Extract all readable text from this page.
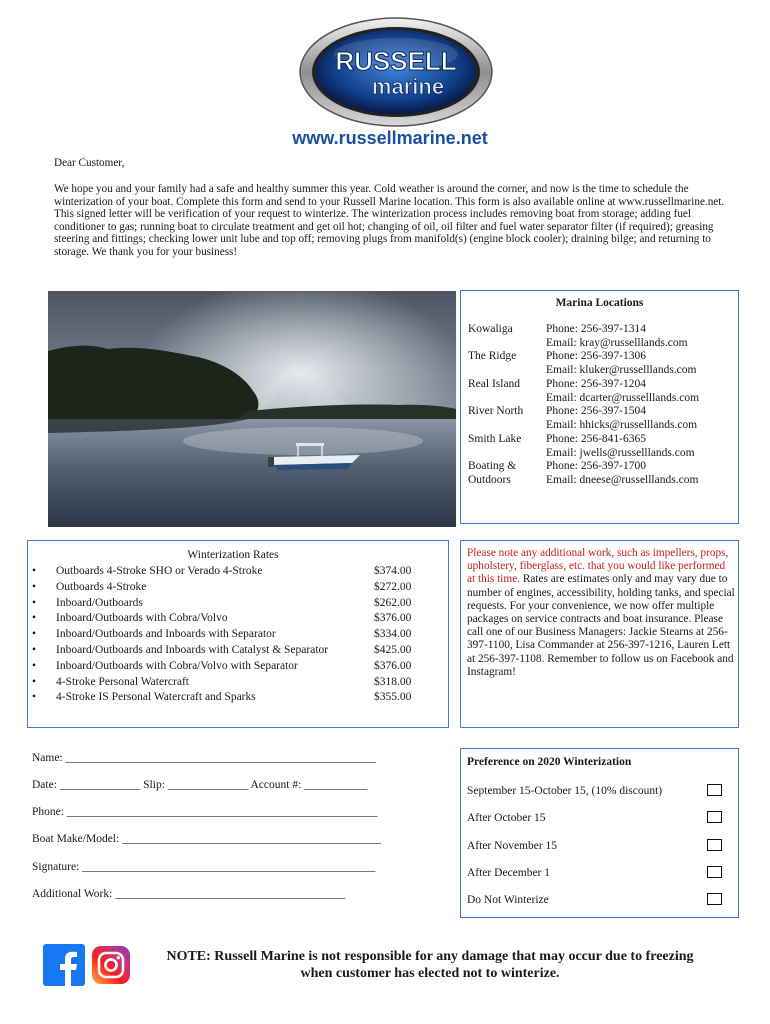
RUSSELL
marine
www.russellmarine.net
Dear Customer,
We hope you and your family had a safe and healthy summer this year. Cold weather is around the corner, and now is the time to schedule the winterization of your boat. Complete this form and send to your Russell Marine location. This form is also available online at www.russellmarine.net. This signed letter will be verification of your request to winterize. The winterization process includes removing boat from storage; adding fuel conditioner to gas; running boat to circulate treatment and get oil hot; changing of oil, oil filter and fuel water separator filter (if required); greasing steering and fittings; checking lower unit lube and top off; removing plugs from manifold(s) (engine block cooler); draining bilge; and returning to storage. We thank you for your business!
Marina Locations
Kowaliga	Phone: 256-397-1314
Email: kray@russelllands.com
The Ridge	Phone: 256-397-1306
Email: kluker@russelllands.com
Real Island Phone: 256-397-1204
Email: dcarter@russelllands.com
River North Phone: 256-397-1504
Email: hhicks@russelllands.com
Smith Lake Phone: 256-841-6365
Email: jwells@russelllands.com
Boating & Outdoors
Phone: 256-397-1700
Email: dneese@russelllands.com
Winterization Rates
• Outboards 4-Stroke SHO or Verado 4-Stroke	$374.00
• Outboards 4-Stroke	$272.00
• Inboard/Outboards	$262.00
• Inboard/Outboards with Cobra/Volvo	$376.00
• Inboard/Outboards and Inboards with Separator	$334.00
• Inboard/Outboards and Inboards with Catalyst & Separator	$425.00
• Inboard/Outboards with Cobra/Volvo with Separator	$376.00
• 4-Stroke Personal Watercraft	$318.00
• 4-Stroke IS Personal Watercraft and Sparks	$355.00
Please note any additional work, such as impellers, props, upholstery, fiberglass, etc. that you would like performed at this time. Rates are estimates only and may vary due to number of engines, accessibility, holding tanks, and special requests. For your convenience, we now offer multiple packages on service contracts and boat insurance. Please call one of our Business Managers: Jackie Stearns at 256-397-1100, Lisa Commander at 256-397-1216, Lauren Lett at 256-397-1108. Remember to follow us on Facebook and Instagram!
Name: ______________________________________________________
Date: ______________ Slip: ______________ Account #: ___________
Phone: ______________________________________________________
Boat Make/Model: _____________________________________________
Signature: ___________________________________________________
Additional Work: ________________________________________
Preference on 2020 Winterization
September 15-October 15, (10% discount)
After October 15
After November 15
After December 1
Do Not Winterize
NOTE: Russell Marine is not responsible for any damage that may occur due to freezing when customer has elected not to winterize.
